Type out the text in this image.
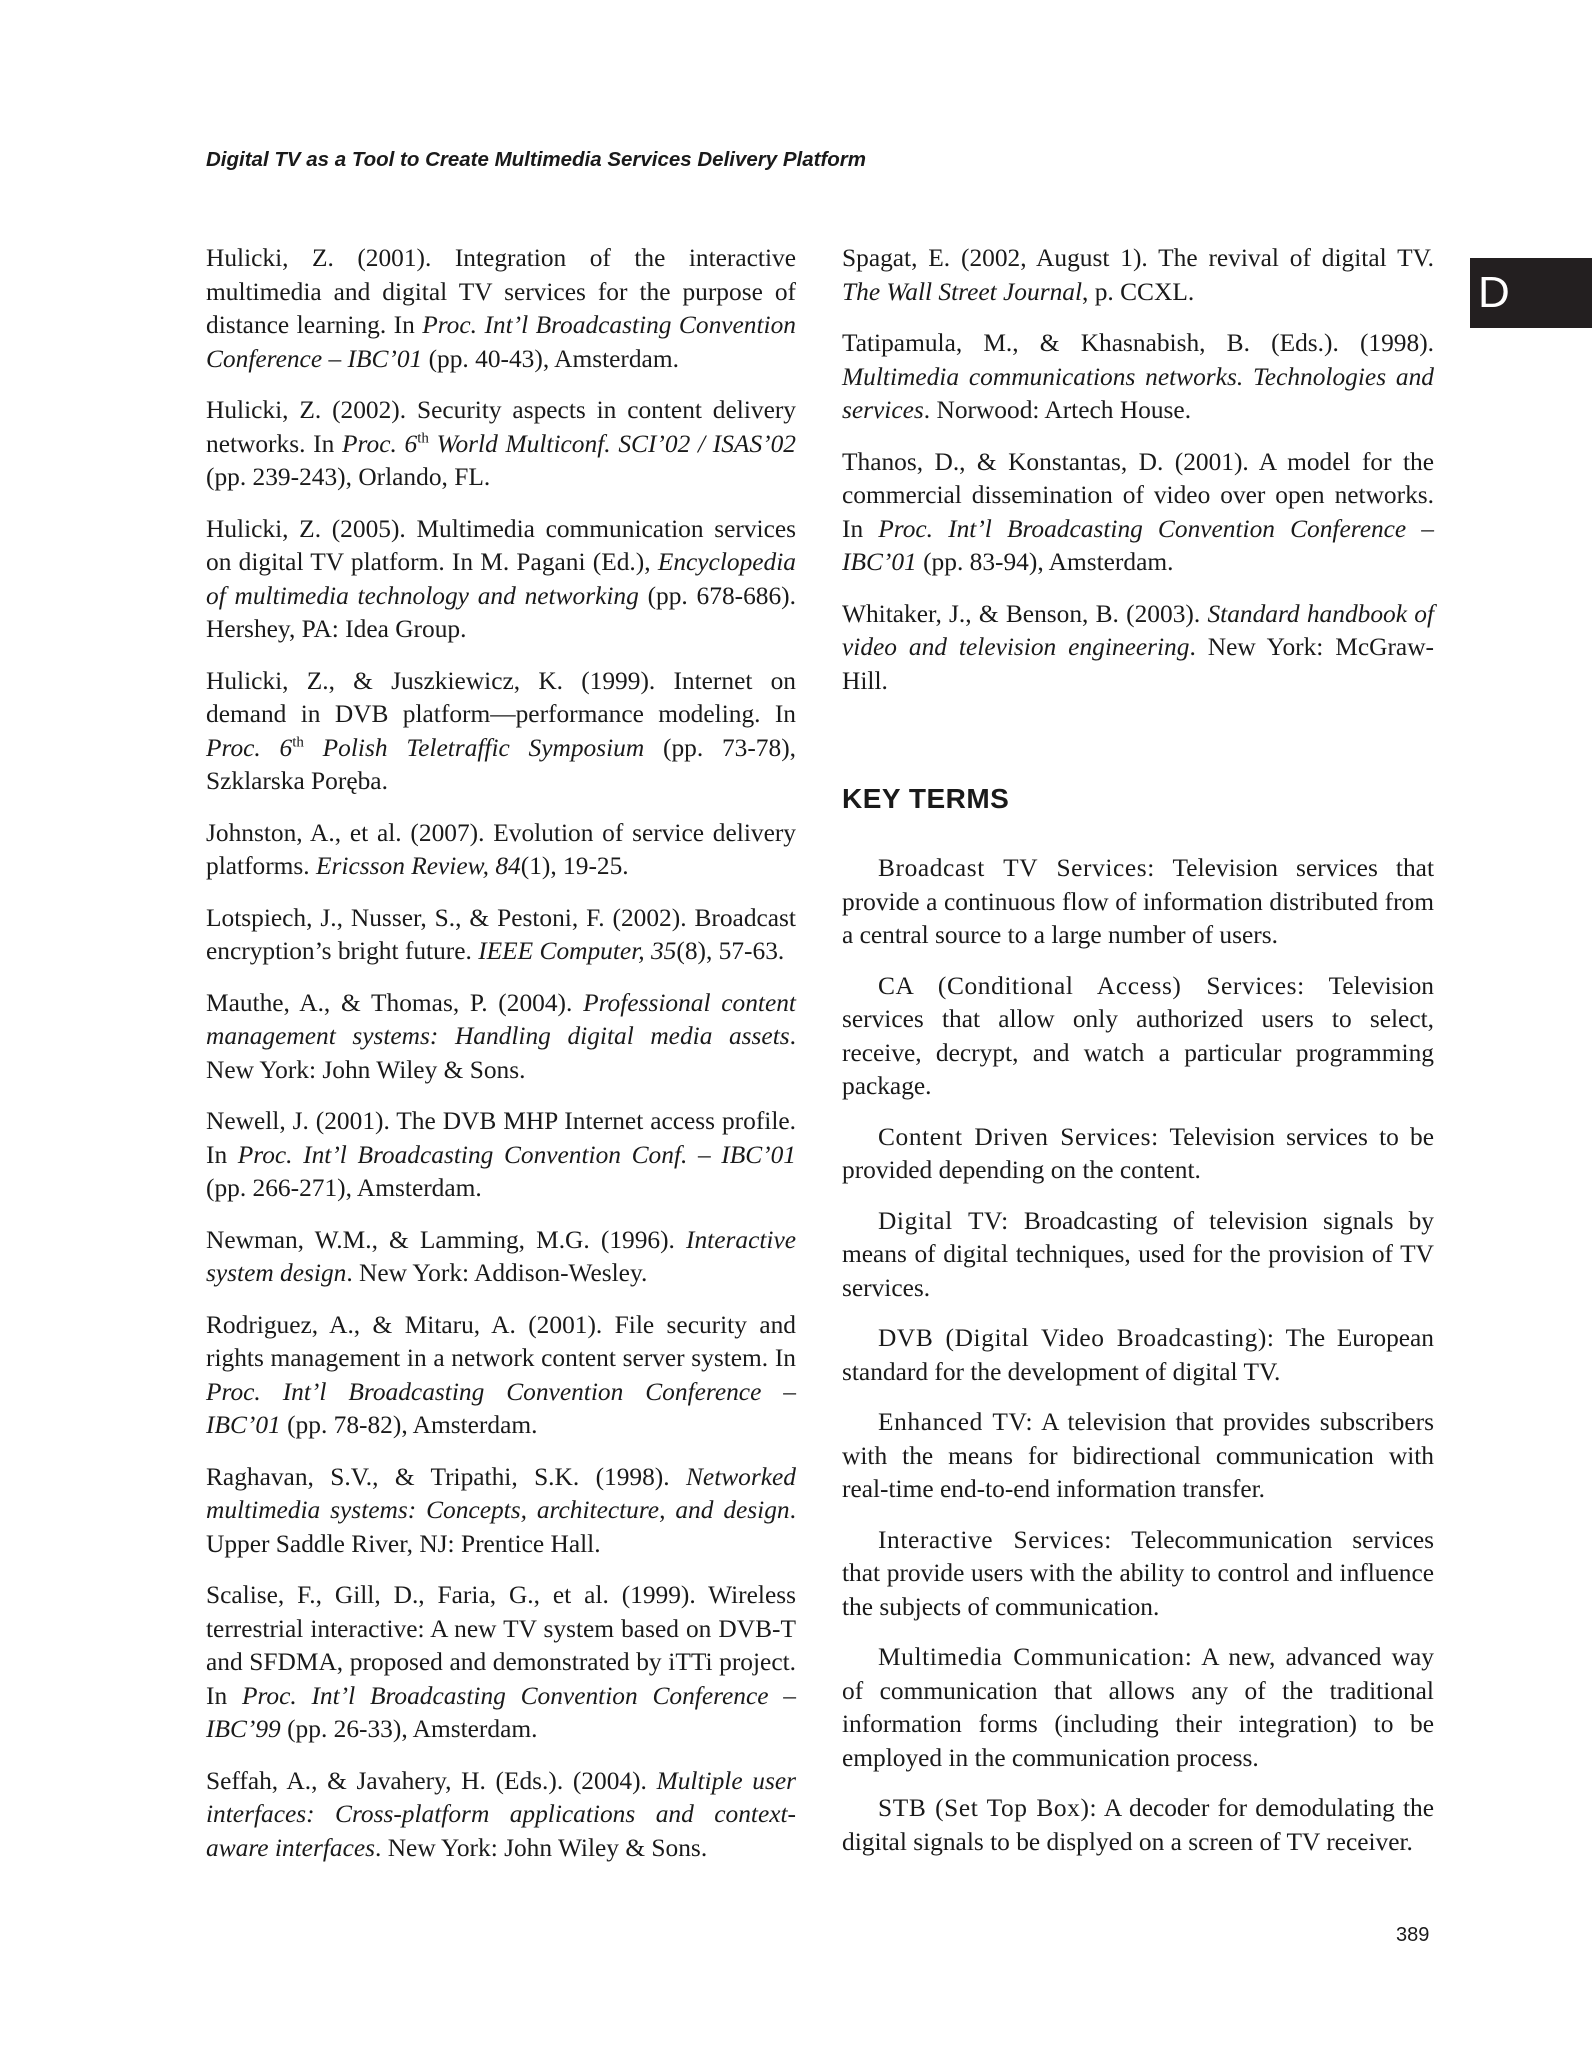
Digital TV as a Tool to Create Multimedia Services Delivery Platform
D

Hulicki, Z. (2001). Integration of the interactive multimedia and digital TV services for the purpose of distance learning. In Proc. Int’l Broadcasting Convention Conference – IBC’01 (pp. 40-43), Amsterdam.

Hulicki, Z. (2002). Security aspects in content delivery networks. In Proc. 6th World Multiconf. SCI’02 / ISAS’02 (pp. 239-243), Orlando, FL.

Hulicki, Z. (2005). Multimedia communication services on digital TV platform. In M. Pagani (Ed.), Encyclopedia of multimedia technology and networking (pp. 678-686). Hershey, PA: Idea Group.

Hulicki, Z., & Juszkiewicz, K. (1999). Internet on demand in DVB platform—performance modeling. In Proc. 6th Polish Teletraffic Symposium (pp. 73-78), Szklarska Poręba.

Johnston, A., et al. (2007). Evolution of service delivery platforms. Ericsson Review, 84(1), 19-25.

Lotspiech, J., Nusser, S., & Pestoni, F. (2002). Broadcast encryption’s bright future. IEEE Computer, 35(8), 57-63.

Mauthe, A., & Thomas, P. (2004). Professional content management systems: Handling digital media assets. New York: John Wiley & Sons.

Newell, J. (2001). The DVB MHP Internet access profile. In Proc. Int’l Broadcasting Convention Conf. – IBC’01 (pp. 266-271), Amsterdam.

Newman, W.M., & Lamming, M.G. (1996). Interactive system design. New York: Addison-Wesley.

Rodriguez, A., & Mitaru, A. (2001). File security and rights management in a network content server system. In Proc. Int’l Broadcasting Convention Conference – IBC’01 (pp. 78-82), Amsterdam.

Raghavan, S.V., & Tripathi, S.K. (1998). Networked multimedia systems: Concepts, architecture, and design. Upper Saddle River, NJ: Prentice Hall.

Scalise, F., Gill, D., Faria, G., et al. (1999). Wireless terrestrial interactive: A new TV system based on DVB-T and SFDMA, proposed and demonstrated by iTTi project. In Proc. Int’l Broadcasting Convention Conference – IBC’99 (pp. 26-33), Amsterdam.

Seffah, A., & Javahery, H. (Eds.). (2004). Multiple user interfaces: Cross-platform applications and context-aware interfaces. New York: John Wiley & Sons.

Spagat, E. (2002, August 1). The revival of digital TV. The Wall Street Journal, p. CCXL.

Tatipamula, M., & Khasnabish, B. (Eds.). (1998). Multimedia communications networks. Technologies and services. Norwood: Artech House.

Thanos, D., & Konstantas, D. (2001). A model for the commercial dissemination of video over open networks. In Proc. Int’l Broadcasting Convention Conference – IBC’01 (pp. 83-94), Amsterdam.

Whitaker, J., & Benson, B. (2003). Standard handbook of video and television engineering. New York: McGraw-Hill.

KEY TERMS

Broadcast TV Services: Television services that provide a continuous flow of information distributed from a central source to a large number of users.

CA (Conditional Access) Services: Television services that allow only authorized users to select, receive, decrypt, and watch a particular programming package.

Content Driven Services: Television services to be provided depending on the content.

Digital TV: Broadcasting of television signals by means of digital techniques, used for the provision of TV services.

DVB (Digital Video Broadcasting): The European standard for the development of digital TV.

Enhanced TV: A television that provides subscribers with the means for bidirectional communication with real-time end-to-end information transfer.

Interactive Services: Telecommunication services that provide users with the ability to control and influence the subjects of communication.

Multimedia Communication: A new, advanced way of communication that allows any of the traditional information forms (including their integration) to be employed in the communication process.

STB (Set Top Box): A decoder for demodulating the digital signals to be displyed on a screen of TV receiver.

389
